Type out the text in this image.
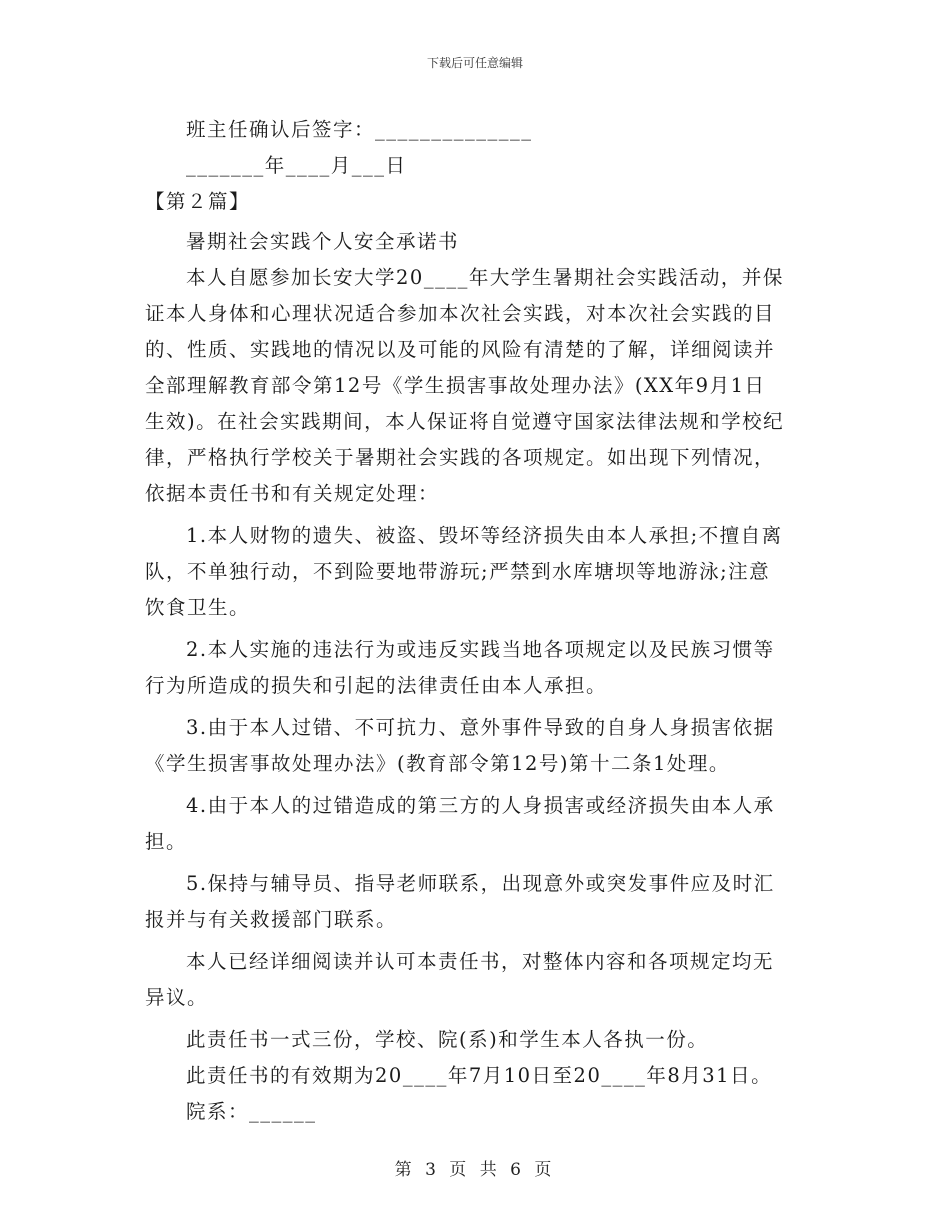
下载后可任意编辑
班主任确认后签字：______________
_______年____月___日
【第２篇】
暑期社会实践个人安全承诺书
本人自愿参加长安大学20____年大学生暑期社会实践活动，并保
证本人身体和心理状况适合参加本次社会实践，对本次社会实践的目
的、性质、实践地的情况以及可能的风险有清楚的了解，详细阅读并
全部理解教育部令第12号《学生损害事故处理办法》(XX年9月1日
生效)。在社会实践期间，本人保证将自觉遵守国家法律法规和学校纪
律，严格执行学校关于暑期社会实践的各项规定。如出现下列情况，
依据本责任书和有关规定处理：
1.本人财物的遗失、被盗、毁坏等经济损失由本人承担;不擅自离
队，不单独行动，不到险要地带游玩;严禁到水库塘坝等地游泳;注意
饮食卫生。
2.本人实施的违法行为或违反实践当地各项规定以及民族习惯等
行为所造成的损失和引起的法律责任由本人承担。
3.由于本人过错、不可抗力、意外事件导致的自身人身损害依据
《学生损害事故处理办法》(教育部令第12号)第十二条1处理。
4.由于本人的过错造成的第三方的人身损害或经济损失由本人承
担。
5.保持与辅导员、指导老师联系，出现意外或突发事件应及时汇
报并与有关救援部门联系。
本人已经详细阅读并认可本责任书，对整体内容和各项规定均无
异议。
此责任书一式三份，学校、院(系)和学生本人各执一份。
此责任书的有效期为20____年7月10日至20____年8月31日。
院系：______
第 3 页 共 6 页
